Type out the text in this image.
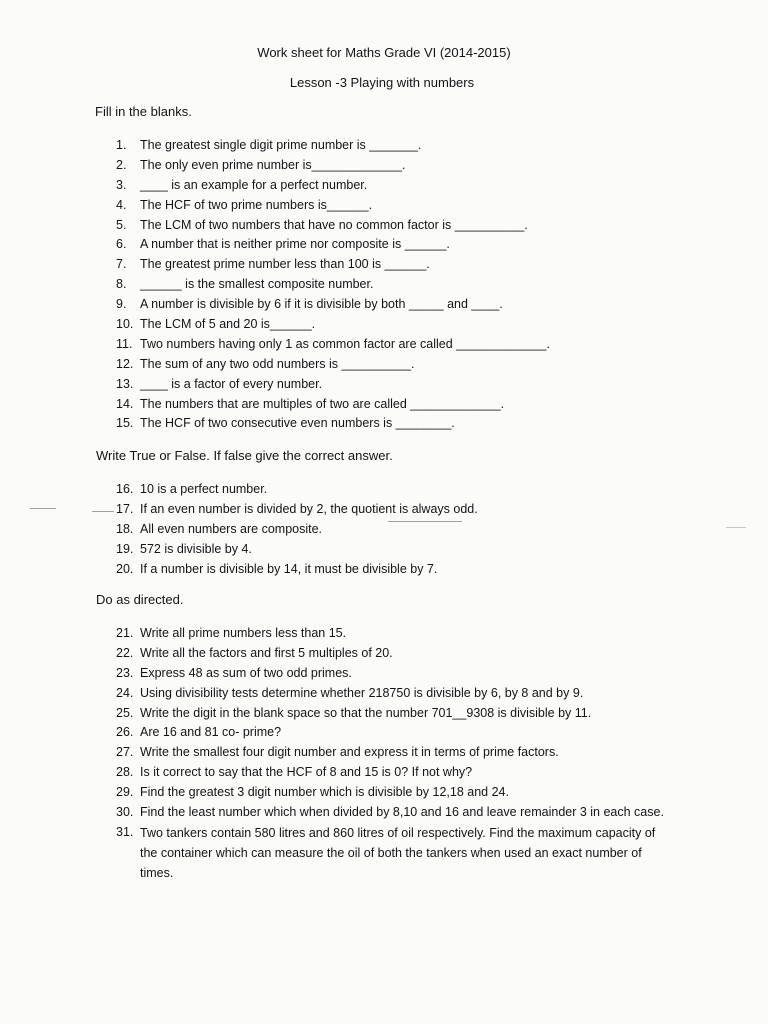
Work sheet for Maths Grade VI (2014-2015)
Lesson -3 Playing with numbers
Fill in the blanks.
1.	The greatest single digit prime number is _______.
2.	The only even prime number is_____________.
3.	____ is an example for a perfect number.
4.	The HCF of two prime numbers is______.
5.	The LCM of two numbers that have no common factor is __________.
6.	A number that is neither prime nor composite is ______.
7.	The greatest prime number less than 100 is ______.
8.	______ is the smallest composite number.
9.	A number is divisible by 6 if it is divisible by both _____ and ____.
10. The LCM of 5 and 20 is______.
11. Two numbers having only 1 as common factor are called _____________.
12. The sum of any two odd numbers is __________.
13. ____ is a factor of every number.
14. The numbers that are multiples of two are called _____________.
15. The HCF of two consecutive even numbers is ________.
Write True or False. If false give the correct answer.
16. 10 is a perfect number.
17. If an even number is divided by 2, the quotient is always odd.
18. All even numbers are composite.
19. 572 is divisible by 4.
20. If a number is divisible by 14, it must be divisible by 7.
Do as directed.
21. Write all prime numbers less than 15.
22. Write all the factors and first 5 multiples of 20.
23. Express 48 as sum of two odd primes.
24. Using divisibility tests determine whether 218750 is divisible by 6, by 8 and by 9.
25. Write the digit in the blank space so that the number 701__9308 is divisible by 11.
26. Are 16 and 81 co- prime?
27. Write the smallest four digit number and express it in terms of prime factors.
28. Is it correct to say that the HCF of 8 and 15 is 0? If not why?
29. Find the greatest 3 digit number which is divisible by 12,18 and 24.
30. Find the least number which when divided by 8,10 and 16 and leave remainder 3 in each case.
31. Two tankers contain 580 litres and 860 litres of oil respectively. Find the maximum capacity of the container which can measure the oil of both the tankers when used an exact number of times.
